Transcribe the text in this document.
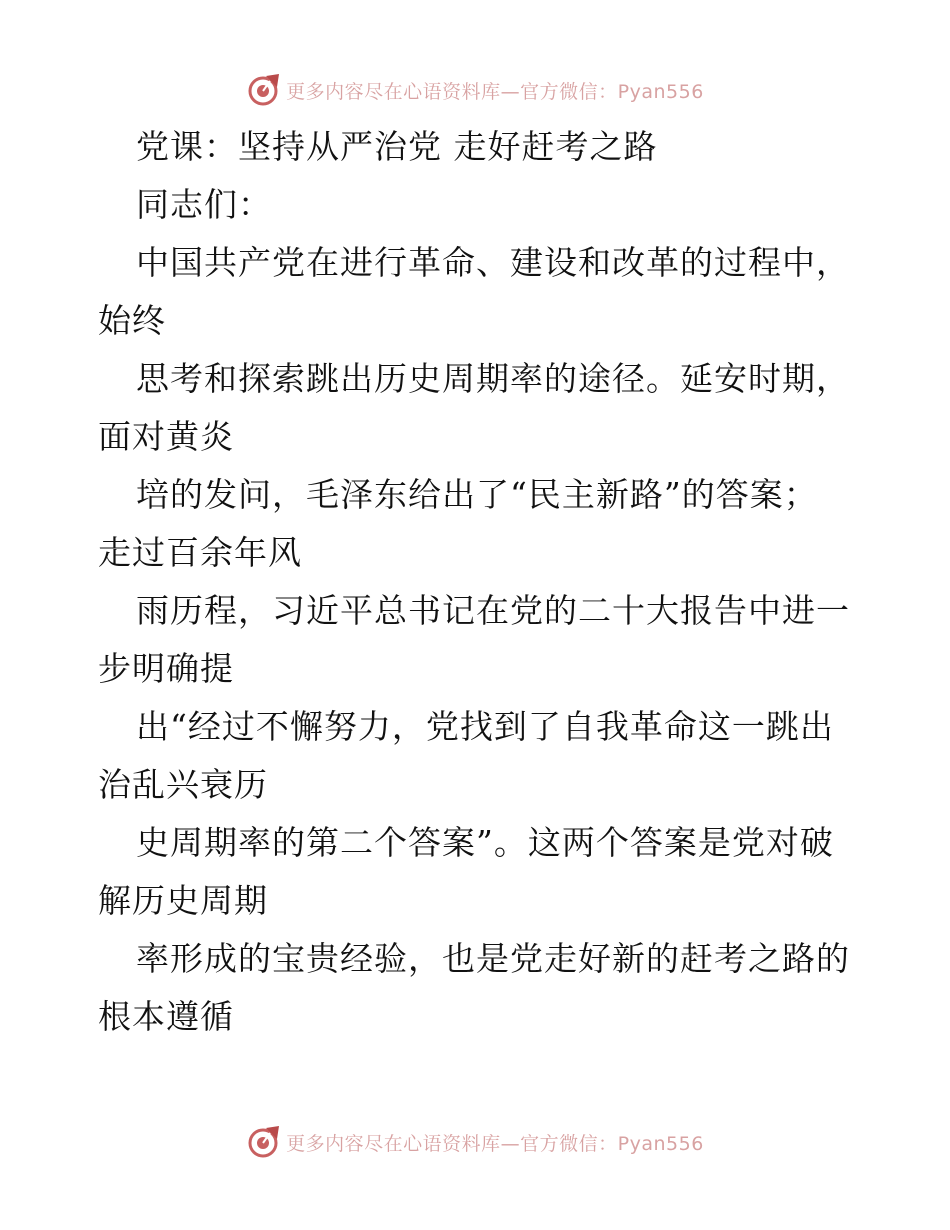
更多内容尽在心语资料库—官方微信：Pyan556
党课：坚持从严治党 走好赶考之路
同志们：
中国共产党在进行革命、建设和改革的过程中，
始终
思考和探索跳出历史周期率的途径。延安时期，
面对黄炎
培的发问，毛泽东给出了“民主新路”的答案；
走过百余年风
雨历程，习近平总书记在党的二十大报告中进一
步明确提
出“经过不懈努力，党找到了自我革命这一跳出
治乱兴衰历
史周期率的第二个答案”。这两个答案是党对破
解历史周期
率形成的宝贵经验，也是党走好新的赶考之路的
根本遵循
更多内容尽在心语资料库—官方微信：Pyan556
